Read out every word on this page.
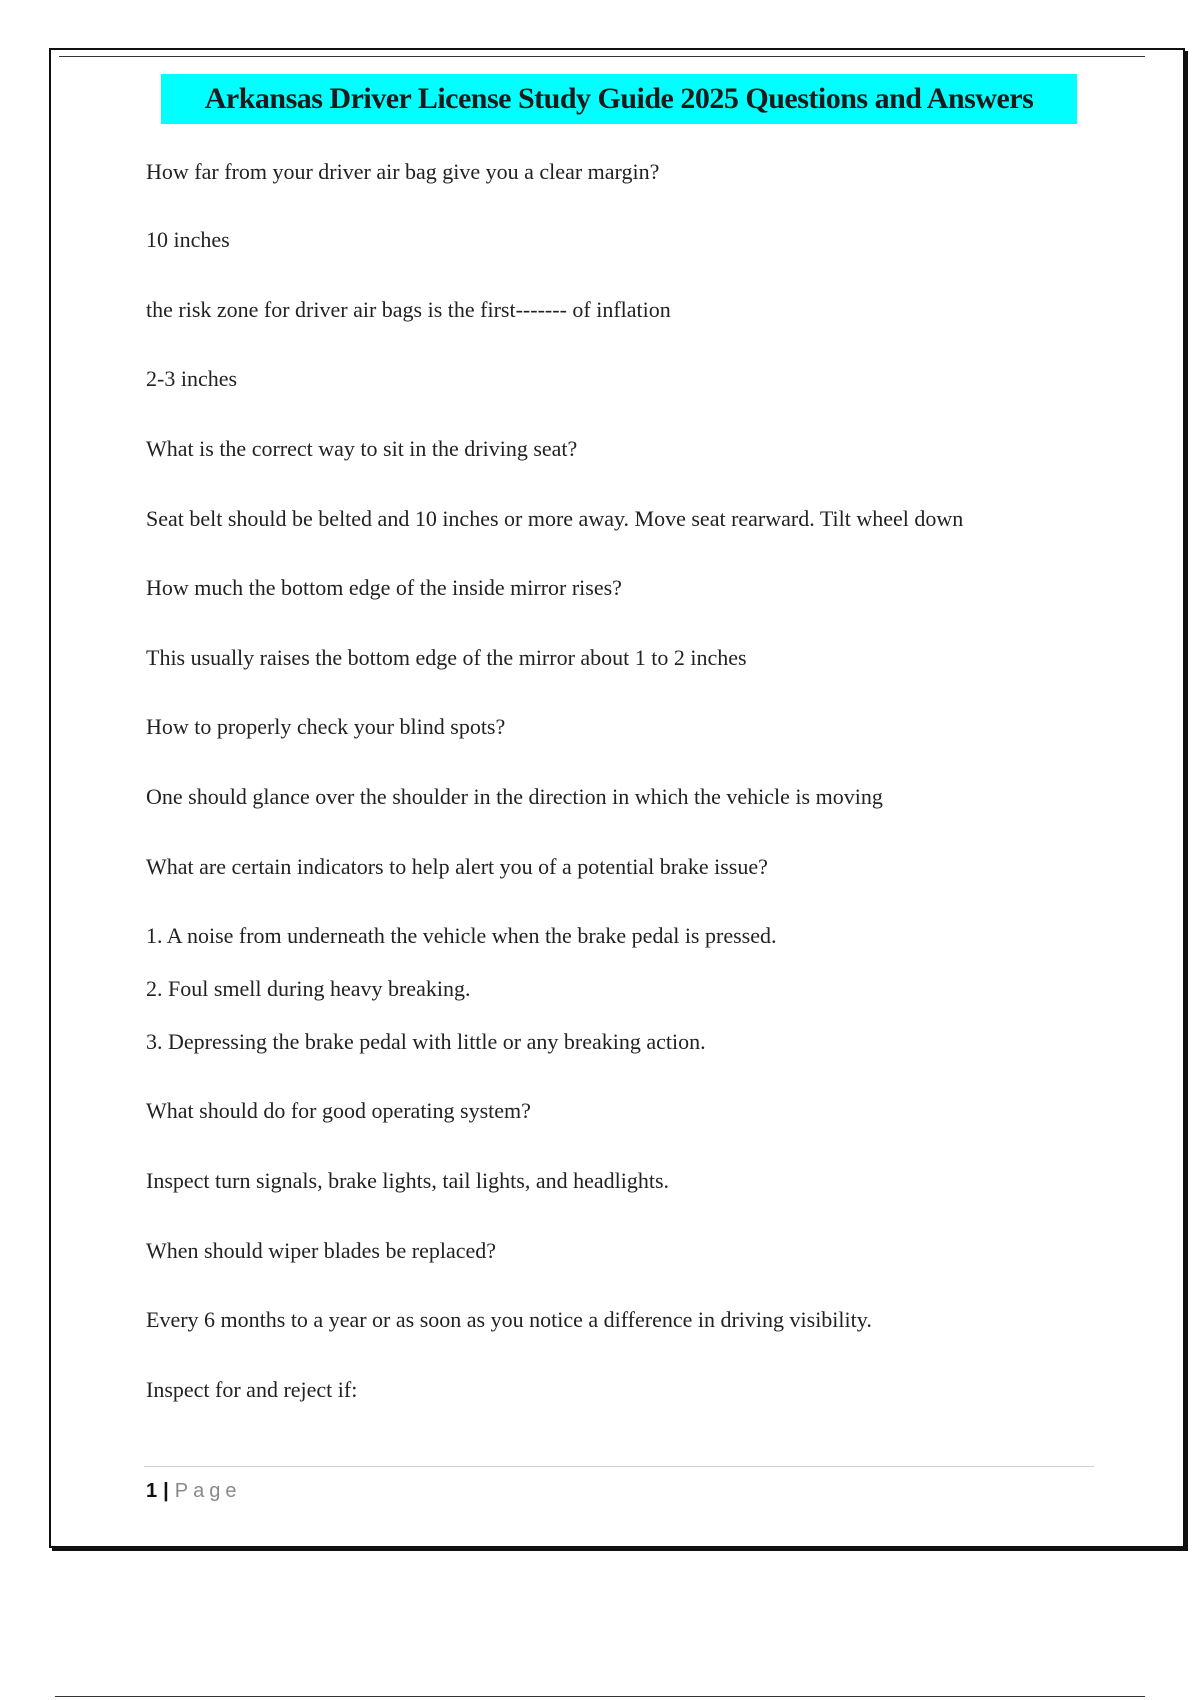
Arkansas Driver License Study Guide 2025 Questions and Answers

How far from your driver air bag give you a clear margin?

10 inches

the risk zone for driver air bags is the first------- of inflation

2-3 inches

What is the correct way to sit in the driving seat?

Seat belt should be belted and 10 inches or more away. Move seat rearward. Tilt wheel down

How much the bottom edge of the inside mirror rises?

This usually raises the bottom edge of the mirror about 1 to 2 inches

How to properly check your blind spots?

One should glance over the shoulder in the direction in which the vehicle is moving

What are certain indicators to help alert you of a potential brake issue?

1. A noise from underneath the vehicle when the brake pedal is pressed.

2. Foul smell during heavy breaking.

3. Depressing the brake pedal with little or any breaking action.

What should do for good operating system?

Inspect turn signals, brake lights, tail lights, and headlights.

When should wiper blades be replaced?

Every 6 months to a year or as soon as you notice a difference in driving visibility.

Inspect for and reject if:

1 | Page
